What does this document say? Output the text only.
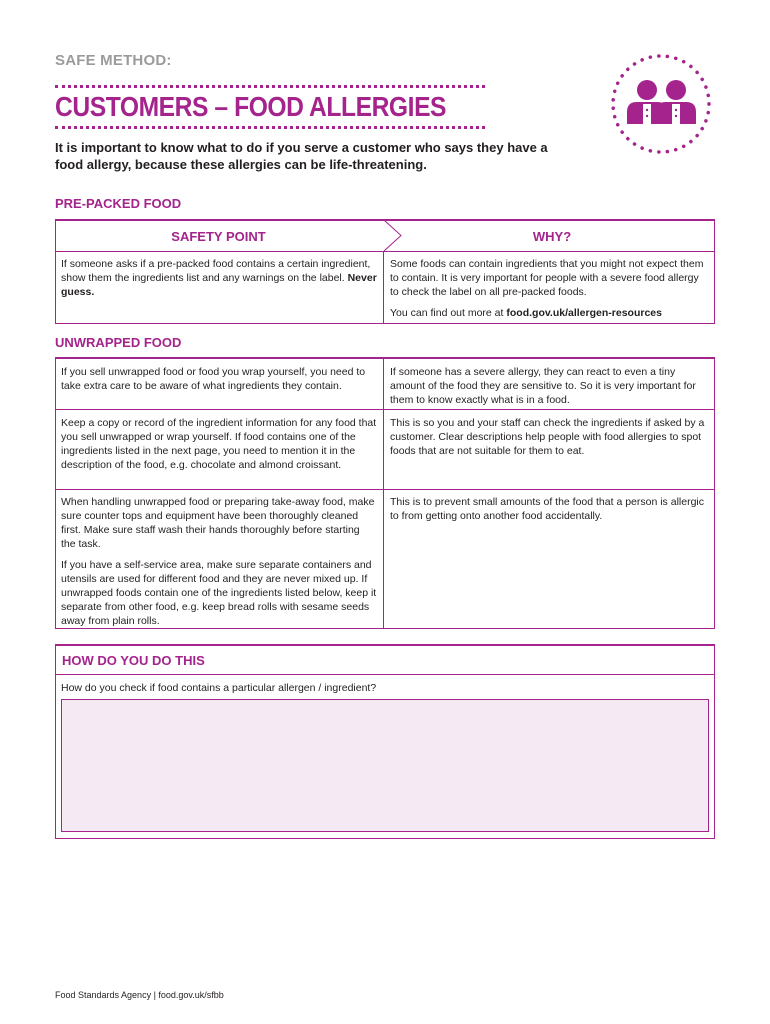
SAFE METHOD:
CUSTOMERS – FOOD ALLERGIES
It is important to know what to do if you serve a customer who says they have a food allergy, because these allergies can be life-threatening.
PRE-PACKED FOOD
SAFETY POINT	WHY?
If someone asks if a pre-packed food contains a certain ingredient, show them the ingredients list and any warnings on the label. Never guess.
Some foods can contain ingredients that you might not expect them to contain. It is very important for people with a severe food allergy to check the label on all pre-packed foods.
You can find out more at food.gov.uk/allergen-resources
UNWRAPPED FOOD
If you sell unwrapped food or food you wrap yourself, you need to take extra care to be aware of what ingredients they contain.
If someone has a severe allergy, they can react to even a tiny amount of the food they are sensitive to. So it is very important for them to know exactly what is in a food.
Keep a copy or record of the ingredient information for any food that you sell unwrapped or wrap yourself. If food contains one of the ingredients listed in the next page, you need to mention it in the description of the food, e.g. chocolate and almond croissant.
This is so you and your staff can check the ingredients if asked by a customer. Clear descriptions help people with food allergies to spot foods that are not suitable for them to eat.
When handling unwrapped food or preparing take-away food, make sure counter tops and equipment have been thoroughly cleaned first. Make sure staff wash their hands thoroughly before starting the task.
If you have a self-service area, make sure separate containers and utensils are used for different food and they are never mixed up. If unwrapped foods contain one of the ingredients listed below, keep it separate from other food, e.g. keep bread rolls with sesame seeds away from plain rolls.
This is to prevent small amounts of the food that a person is allergic to from getting onto another food accidentally.
HOW DO YOU DO THIS
How do you check if food contains a particular allergen / ingredient?
Food Standards Agency | food.gov.uk/sfbb
